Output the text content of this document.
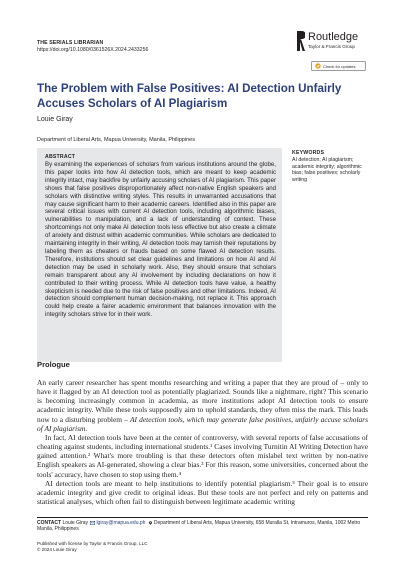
THE SERIALS LIBRARIAN
https://doi.org/10.1080/0361526X.2024.2433256
Routledge
Taylor & Francis Group
Check for updates
The Problem with False Positives: AI Detection Unfairly Accuses Scholars of AI Plagiarism
Louie Giray
Department of Liberal Arts, Mapua University, Manila, Philippines
ABSTRACT
By examining the experiences of scholars from various institutions around the globe, this paper looks into how AI detection tools, which are meant to keep academic integrity intact, may backfire by unfairly accusing scholars of AI plagiarism. This paper shows that false positives disproportionately affect non-native English speakers and scholars with distinctive writing styles. This results in unwarranted accusations that may cause significant harm to their academic careers. Identified also in this paper are several critical issues with current AI detection tools, including algorithmic biases, vulnerabilities to manipulation, and a lack of understanding of context. These shortcomings not only make AI detection tools less effective but also create a climate of anxiety and distrust within academic communities. While scholars are dedicated to maintaining integrity in their writing, AI detection tools may tarnish their reputations by labeling them as cheaters or frauds based on some flawed AI detection results. Therefore, institutions should set clear guidelines and limitations on how AI and AI detection may be used in scholarly work. Also, they should ensure that scholars remain transparent about any AI involvement by including declarations on how it contributed to their writing process. While AI detection tools have value, a healthy skepticism is needed due to the risk of false positives and other limitations. Indeed, AI detection should complement human decision-making, not replace it. This approach could help create a fairer academic environment that balances innovation with the integrity scholars strive for in their work.
KEYWORDS
AI detection; AI plagiarism; academic integrity; algorithmic bias; false positives; scholarly writing
Prologue

An early career researcher has spent months researching and writing a paper that they are proud of – only to have it flagged by an AI detection tool as potentially plagiarized. Sounds like a nightmare, right? This scenario is becoming increasingly common in academia, as more institutions adopt AI detection tools to ensure academic integrity. While these tools supposedly aim to uphold standards, they often miss the mark. This leads now to a disturbing problem – AI detection tools, which may generate false positives, unfairly accuse scholars of AI plagiarism.

In fact, AI detection tools have been at the center of controversy, with several reports of false accusations of cheating against students, including international students.¹ Cases involving Turnitin AI Writing Detection have gained attention.² What's more troubling is that these detectors often mislabel text written by non-native English speakers as AI-generated, showing a clear bias.³ For this reason, some universities, concerned about the tools' accuracy, have chosen to stop using them.⁴

AI detection tools are meant to help institutions to identify potential plagiarism.⁵ Their goal is to ensure academic integrity and give credit to original ideas. But these tools are not perfect and rely on patterns and statistical analyses, which often fail to distinguish between legitimate academic writing

CONTACT Louie Giray lgiray@mapua.edu.ph Department of Liberal Arts, Mapua University, 658 Muralla St, Intramuros, Manila, 1002 Metro Manila, Philippines
Published with license by Taylor & Francis Group, LLC
© 2024 Louie Giray
